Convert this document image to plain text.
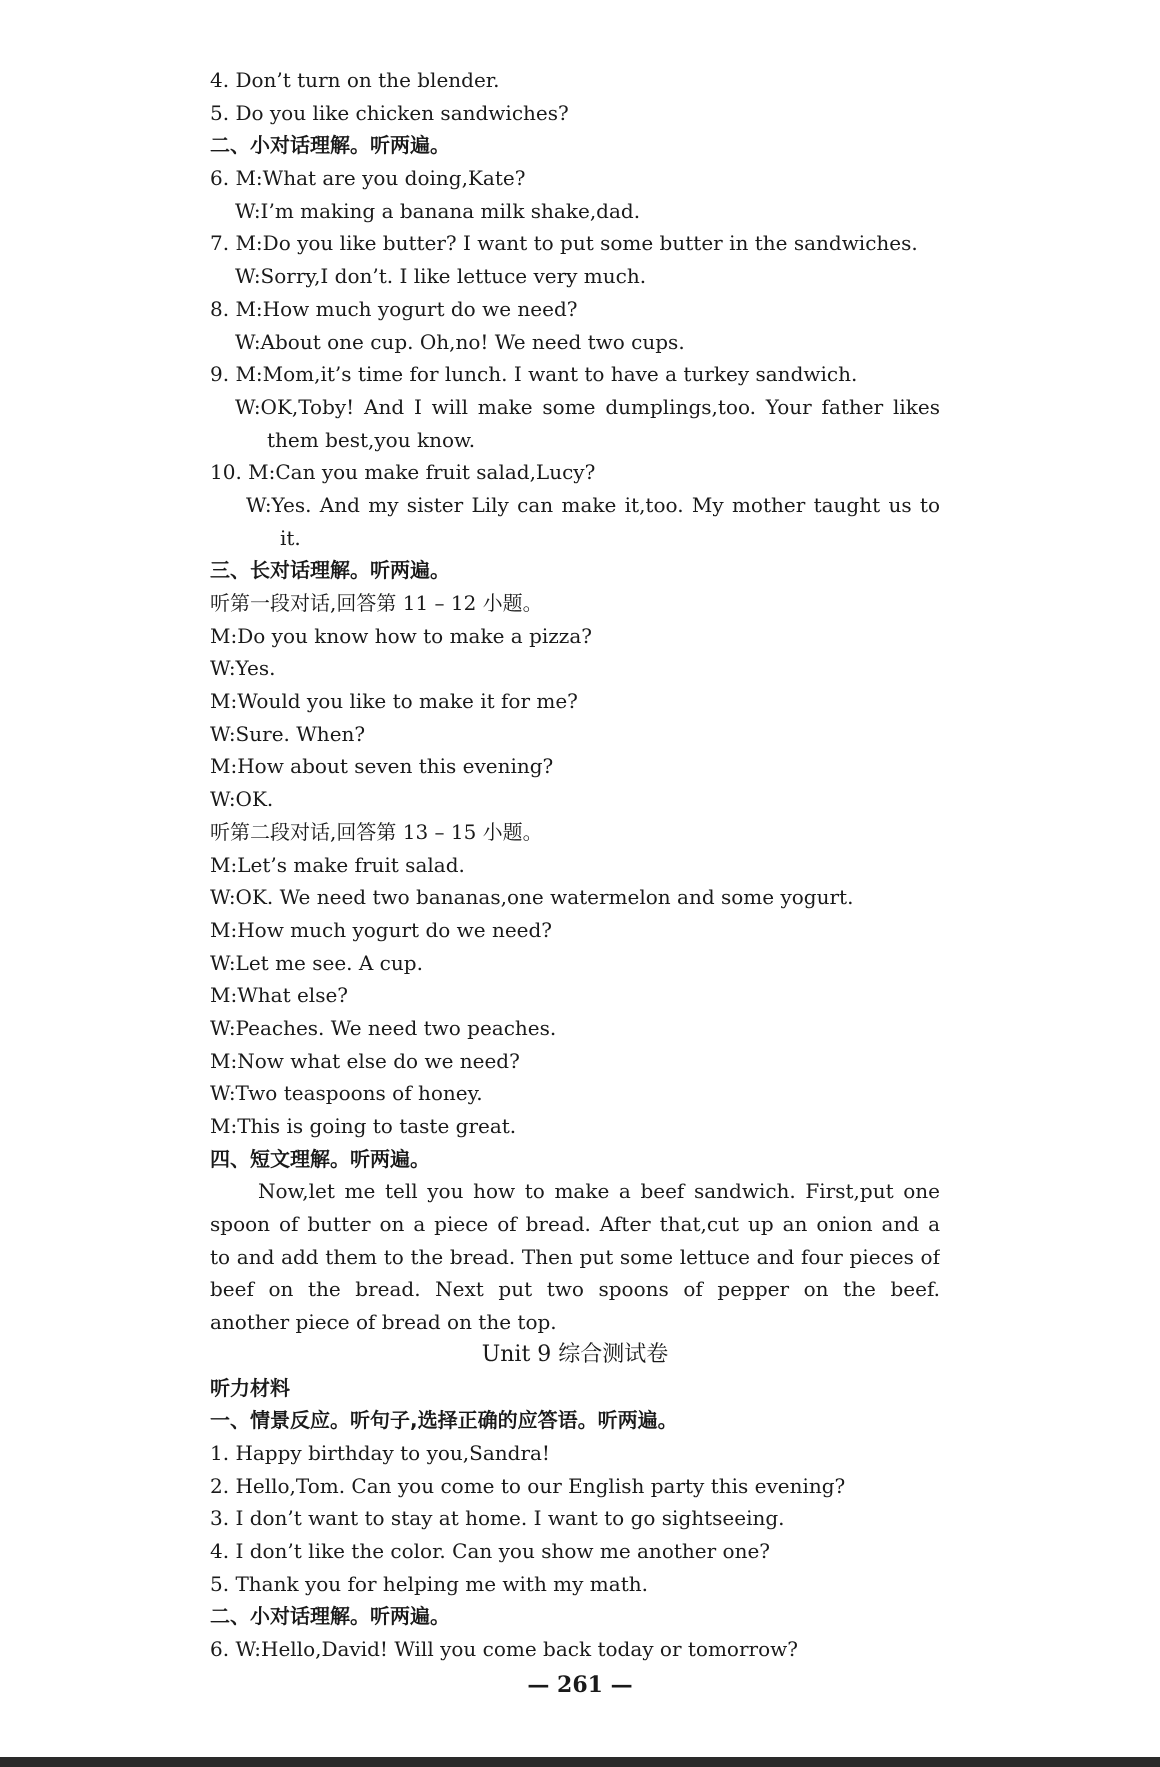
4. Don’t turn on the blender.
5. Do you like chicken sandwiches?
二、小对话理解。听两遍。
6. M:What are you doing,Kate?
W:I’m making a banana milk shake,dad.
7. M:Do you like butter? I want to put some butter in the sandwiches.
W:Sorry,I don’t. I like lettuce very much.
8. M:How much yogurt do we need?
W:About one cup. Oh,no! We need two cups.
9. M:Mom,it’s time for lunch. I want to have a turkey sandwich.
W:OK,Toby! And I will make some dumplings,too. Your father likes
them best,you know.
10. M:Can you make fruit salad,Lucy?
W:Yes. And my sister Lily can make it,too. My mother taught us to
it.
三、长对话理解。听两遍。
听第一段对话,回答第 11 – 12 小题。
M:Do you know how to make a pizza?
W:Yes.
M:Would you like to make it for me?
W:Sure. When?
M:How about seven this evening?
W:OK.
听第二段对话,回答第 13 – 15 小题。
M:Let’s make fruit salad.
W:OK. We need two bananas,one watermelon and some yogurt.
M:How much yogurt do we need?
W:Let me see. A cup.
M:What else?
W:Peaches. We need two peaches.
M:Now what else do we need?
W:Two teaspoons of honey.
M:This is going to taste great.
四、短文理解。听两遍。
Now,let me tell you how to make a beef sandwich. First,put one
spoon of butter on a piece of bread. After that,cut up an onion and a
to and add them to the bread. Then put some lettuce and four pieces of
beef on the bread. Next put two spoons of pepper on the beef.
another piece of bread on the top.
Unit 9 综合测试卷
听力材料
一、情景反应。听句子,选择正确的应答语。听两遍。
1. Happy birthday to you,Sandra!
2. Hello,Tom. Can you come to our English party this evening?
3. I don’t want to stay at home. I want to go sightseeing.
4. I don’t like the color. Can you show me another one?
5. Thank you for helping me with my math.
二、小对话理解。听两遍。
6. W:Hello,David! Will you come back today or tomorrow?
— 261 —
